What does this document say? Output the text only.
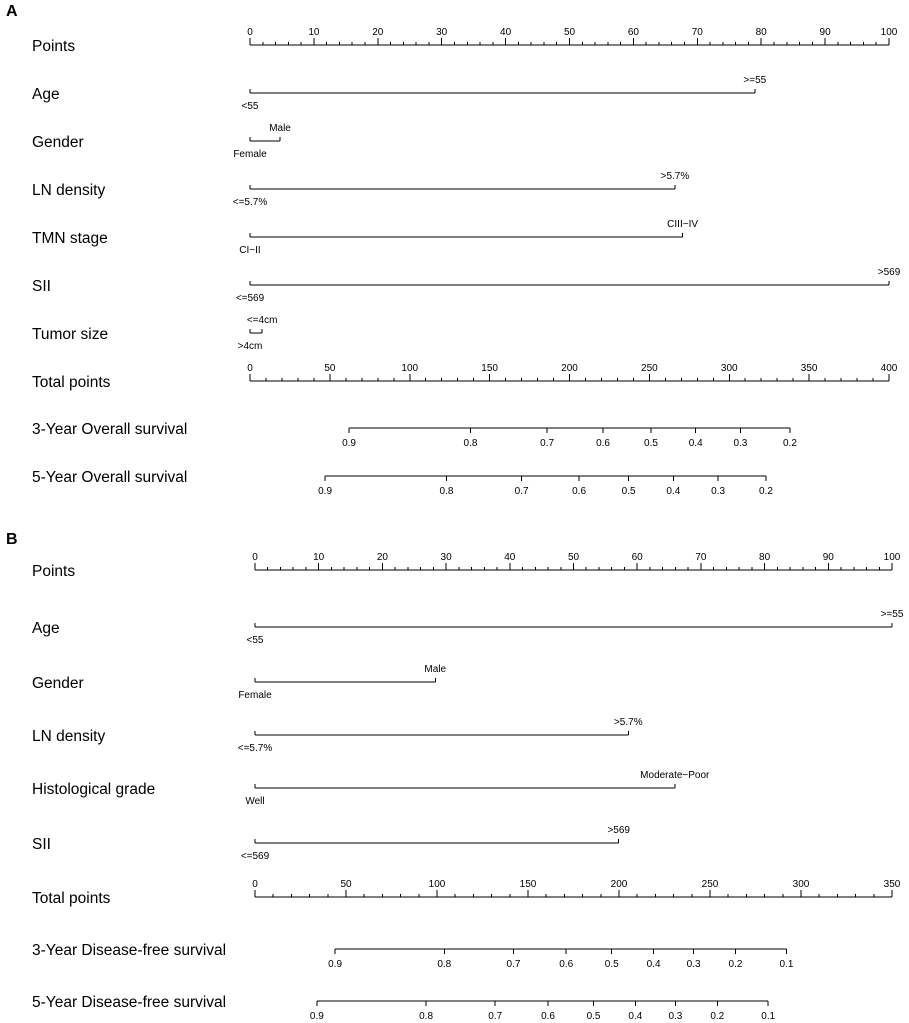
A
Points
0	10	20	30	40	50	60	70	80	90	100
Age
<55
>=55
Gender
Female
Male
LN density
<=5.7%
>5.7%
TMN stage
CI−II
CIII−IV
SII
<=569
>569
Tumor size
<=4cm
>4cm
Total points
0	50	100	150	200	250	300	350	400
3-Year Overall survival
0.9	0.8	0.7	0.6	0.5	0.4	0.3	0.2
5-Year Overall survival
0.9	0.8	0.7	0.6	0.5	0.4	0.3	0.2
B
Points
0	10	20	30	40	50	60	70	80	90	100
Age
<55
>=55
Gender
Female
Male
LN density
<=5.7%
>5.7%
Histological grade
Well
Moderate−Poor
SII
<=569
>569
Total points
0	50	100	150	200	250	300	350
3-Year Disease-free survival
0.9	0.8	0.7	0.6	0.5	0.4	0.3	0.2	0.1
5-Year Disease-free survival
0.9	0.8	0.7	0.6	0.5	0.4	0.3	0.2	0.1
